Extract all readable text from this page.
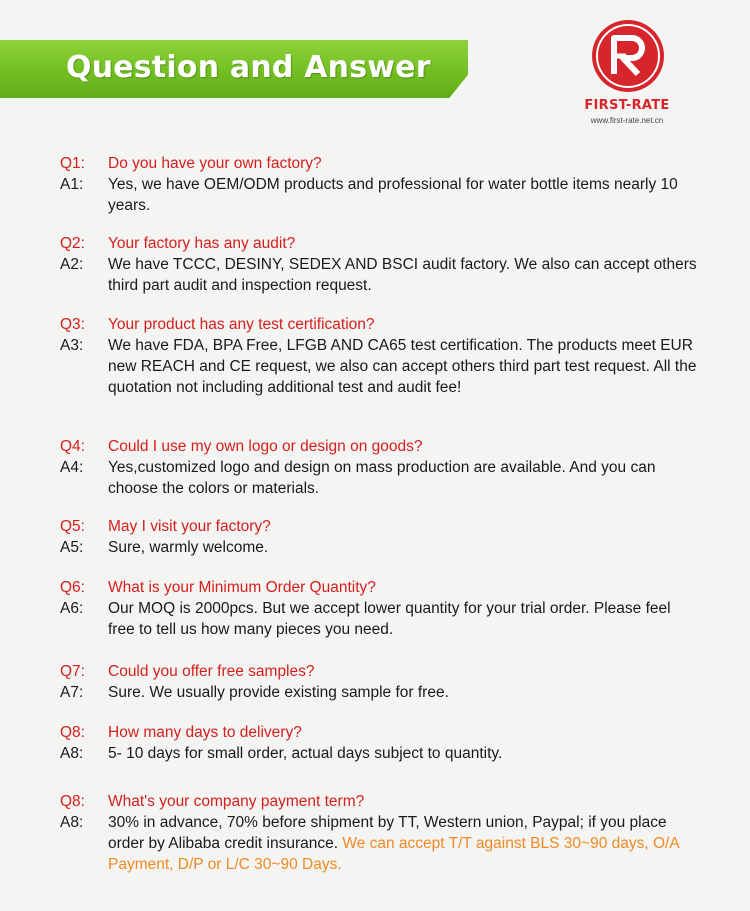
Question and Answer
FIRST-RATE
www.first-rate.net.cn
Q1:	Do you have your own factory?
A1:	Yes, we have OEM/ODM products and professional for water bottle items nearly 10 years.
Q2:	Your factory has any audit?
A2:	We have TCCC, DESINY, SEDEX AND BSCI audit factory. We also can accept others third part audit and inspection request.
Q3:	Your product has any test certification?
A3:	We have FDA, BPA Free, LFGB AND CA65 test certification. The products meet EUR new REACH and CE request, we also can accept others third part test request. All the quotation not including additional test and audit fee!
Q4:	Could I use my own logo or design on goods?
A4:	Yes,customized logo and design on mass production are available. And you can choose the colors or materials.
Q5:	May I visit your factory?
A5:	Sure, warmly welcome.
Q6:	What is your Minimum Order Quantity?
A6:	Our MOQ is 2000pcs. But we accept lower quantity for your trial order. Please feel free to tell us how many pieces you need.
Q7:	Could you offer free samples?
A7:	Sure. We usually provide existing sample for free.
Q8:	How many days to delivery?
A8:	5- 10 days for small order, actual days subject to quantity.
Q8:	What's your company payment term?
A8:	30% in advance, 70% before shipment by TT, Western union, Paypal; if you place order by Alibaba credit insurance. We can accept T/T against BLS 30~90 days, O/A Payment, D/P or L/C 30~90 Days.
